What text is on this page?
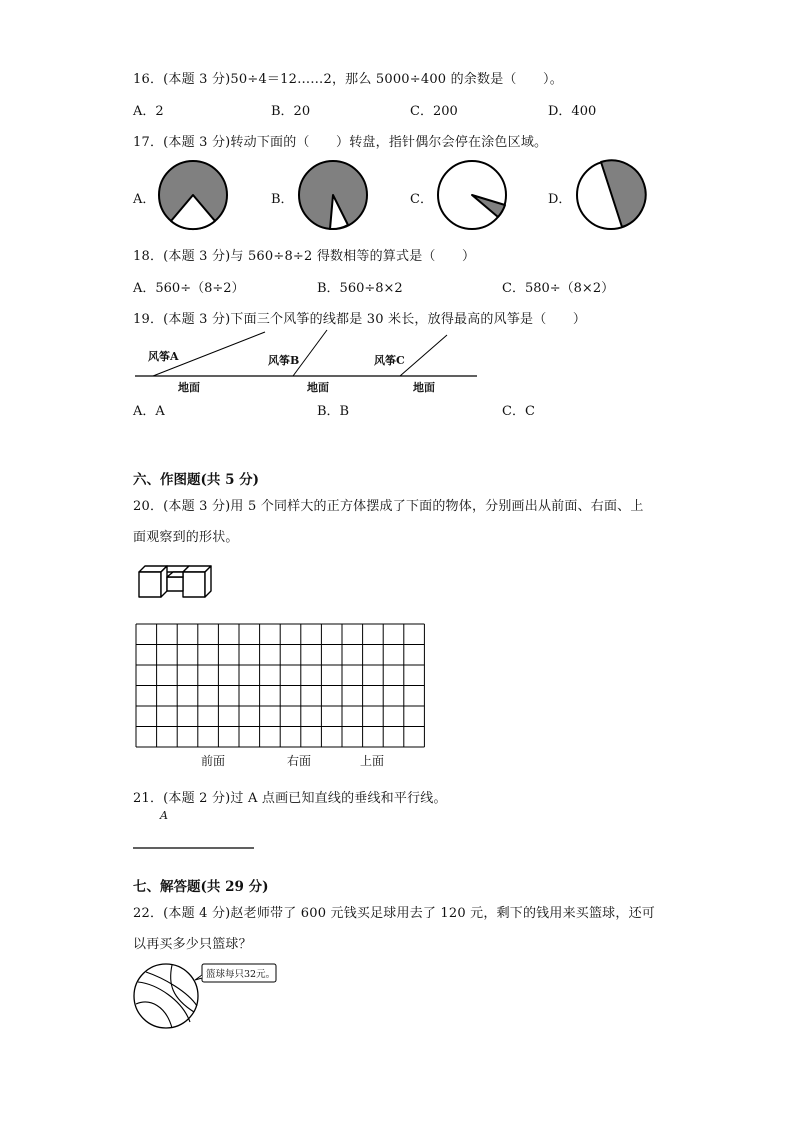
16．(本题 3 分)50÷4＝12……2，那么 5000÷400 的余数是（　　）。
A．2	B．20	C．200	D．400
17．(本题 3 分)转动下面的（　　）转盘，指针偶尔会停在涂色区域。
A．	B．	C．	D．
18．(本题 3 分)与 560÷8÷2 得数相等的算式是（　　）
A．560÷（8÷2）	B．560÷8×2	C．580÷（8×2）
19．(本题 3 分)下面三个风筝的线都是 30 米长，放得最高的风筝是（　　）
风筝A	风筝B	风筝C
地面	地面	地面
A．A	B．B	C．C
六、作图题(共 5 分)
20．(本题 3 分)用 5 个同样大的正方体摆成了下面的物体，分别画出从前面、右面、上
面观察到的形状。
前面	右面	上面
21．(本题 2 分)过 A 点画已知直线的垂线和平行线。
A
七、解答题(共 29 分)
22．(本题 4 分)赵老师带了 600 元钱买足球用去了 120 元，剩下的钱用来买篮球，还可
以再买多少只篮球？
篮球每只32元。
